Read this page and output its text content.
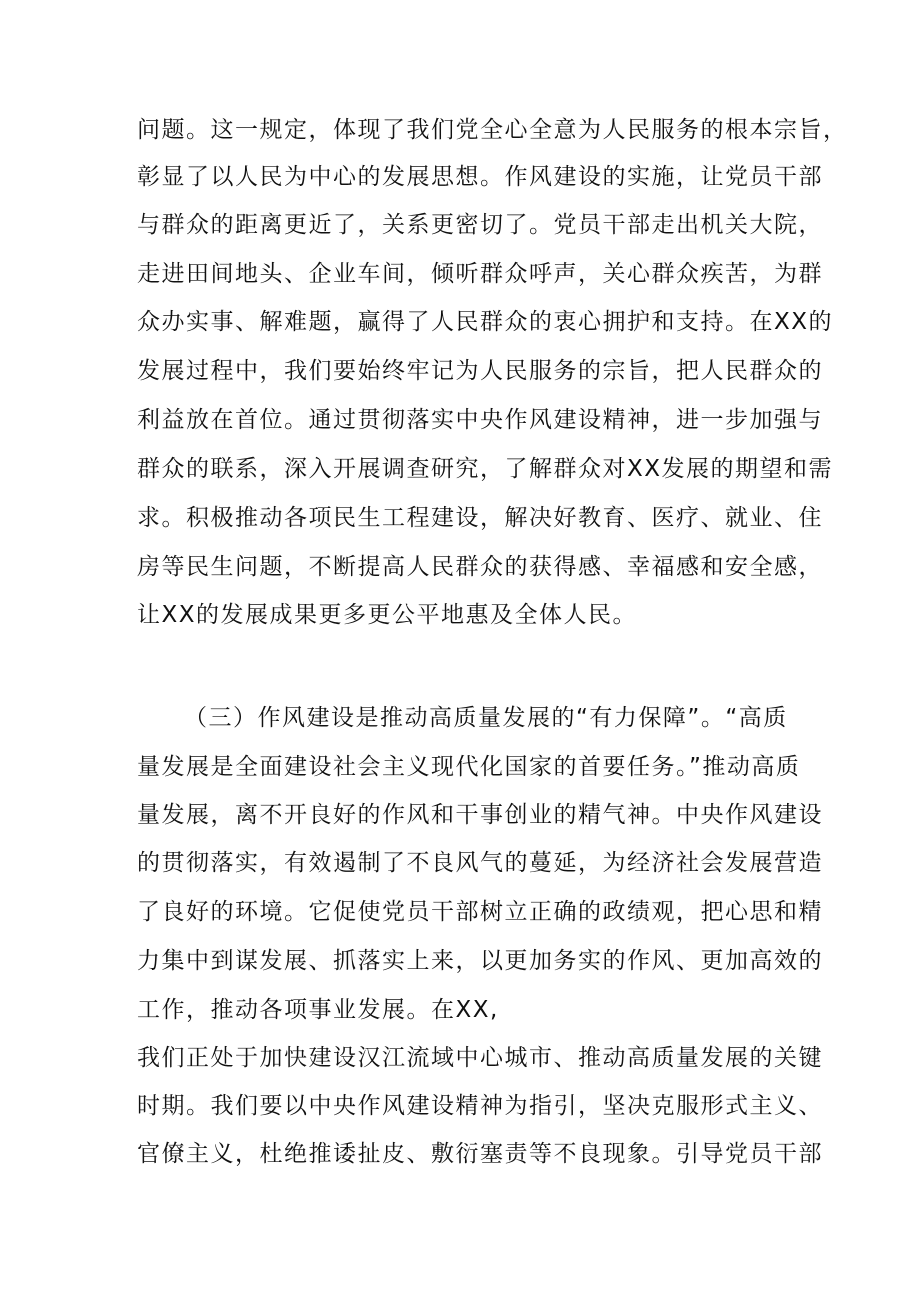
问题。这一规定，体现了我们党全心全意为人民服务的根本宗旨，
彰显了以人民为中心的发展思想。作风建设的实施，让党员干部
与群众的距离更近了，关系更密切了。党员干部走出机关大院，
走进田间地头、企业车间，倾听群众呼声，关心群众疾苦，为群
众办实事、解难题，赢得了人民群众的衷心拥护和支持。在XX的
发展过程中，我们要始终牢记为人民服务的宗旨，把人民群众的
利益放在首位。通过贯彻落实中央作风建设精神，进一步加强与
群众的联系，深入开展调查研究，了解群众对XX发展的期望和需
求。积极推动各项民生工程建设，解决好教育、医疗、就业、住
房等民生问题，不断提高人民群众的获得感、幸福感和安全感，
让XX的发展成果更多更公平地惠及全体人民。
（三）作风建设是推动高质量发展的“有力保障”。“高质
量发展是全面建设社会主义现代化国家的首要任务。”推动高质
量发展，离不开良好的作风和干事创业的精气神。中央作风建设
的贯彻落实，有效遏制了不良风气的蔓延，为经济社会发展营造
了良好的环境。它促使党员干部树立正确的政绩观，把心思和精
力集中到谋发展、抓落实上来，以更加务实的作风、更加高效的
工作，推动各项事业发展。在XX,
我们正处于加快建设汉江流域中心城市、推动高质量发展的关键
时期。我们要以中央作风建设精神为指引，坚决克服形式主义、
官僚主义，杜绝推诿扯皮、敷衍塞责等不良现象。引导党员干部
